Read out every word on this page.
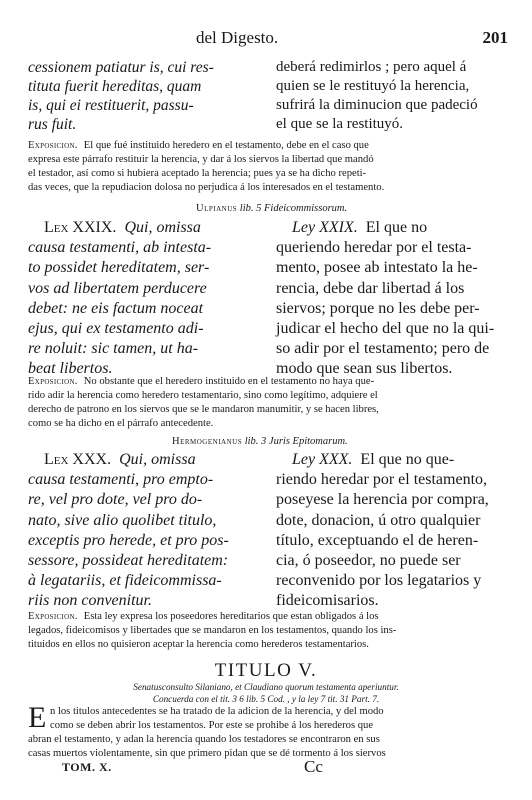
del Digesto.	201

cessionem patiatur is, cui res-

tituta fuerit hereditas, quam

is, qui ei restituerit, passu-

rus fuit.

deberá redimirlos ; pero aquel á

quien se le restituyó la herencia,

sufrirá la diminucion que padeció

el que se la restituyó.

Exposicion. El que fué instituido heredero en el testamento, debe en el caso que

expresa este párrafo restituir la herencia, y dar á los siervos la libertad que mandó

el testador, así como si hubiera aceptado la herencia; pues ya se ha dicho repeti-

das veces, que la repudiacion dolosa no perjudica á los interesados en el testamento.

Ulpianus lib. 5 Fideicommissorum.

Lex XXIX. Qui, omissa

causa testamenti, ab intesta-

to possidet hereditatem, ser-

vos ad libertatem perducere

debet: ne eis factum noceat

ejus, qui ex testamento adi-

re noluit: sic tamen, ut ha-

beat libertos.

Ley XXIX. El que no

queriendo heredar por el testa-

mento, posee ab intestato la he-

rencia, debe dar libertad á los

siervos; porque no les debe per-

judicar el hecho del que no la qui-

so adir por el testamento; pero de

modo que sean sus libertos.

Exposicion. No obstante que el heredero instituido en el testamento no haya que-

rido adir la herencia como heredero testamentario, sino como legítimo, adquiere el

derecho de patrono en los siervos que se le mandaron manumitir, y se hacen libres,

como se ha dicho en el párrafo antecedente.

Hermogenianus lib. 3 Juris Epitomarum.

Lex XXX. Qui, omissa

causa testamenti, pro empto-

re, vel pro dote, vel pro do-

nato, sive alio quolibet titulo,

exceptis pro herede, et pro pos-

sessore, possideat hereditatem:

à legatariis, et fideicommissa-

riis non convenitur.

Ley XXX. El que no que-

riendo heredar por el testamento,

poseyese la herencia por compra,

dote, donacion, ú otro qualquier

título, exceptuando el de heren-

cia, ó poseedor, no puede ser

reconvenido por los legatarios y

fideicomisarios.

Exposicion. Esta ley expresa los poseedores hereditarios que estan obligados á los

legados, fideicomisos y libertades que se mandaron en los testamentos, quando los ins-

tituidos en ellos no quisieron aceptar la herencia como herederos testamentarios.

TITULO V.
Senatusconsulto Silaniano, et Claudiano quorum testamenta aperiuntur.
Concuerda con el tit. 3 6 lib. 5 Cod. , y la ley 7 tit. 31 Part. 7.
E n los titulos antecedentes se ha tratado de la adicion de la herencia, y del modo

como se deben abrir los testamentos. Por este se prohibe á los herederos que

abran el testamento, y adan la herencia quando los testadores se encontraron en sus

casas muertos violentamente, sin que primero pidan que se dé tormento á los siervos

TOM. X.	Cc
